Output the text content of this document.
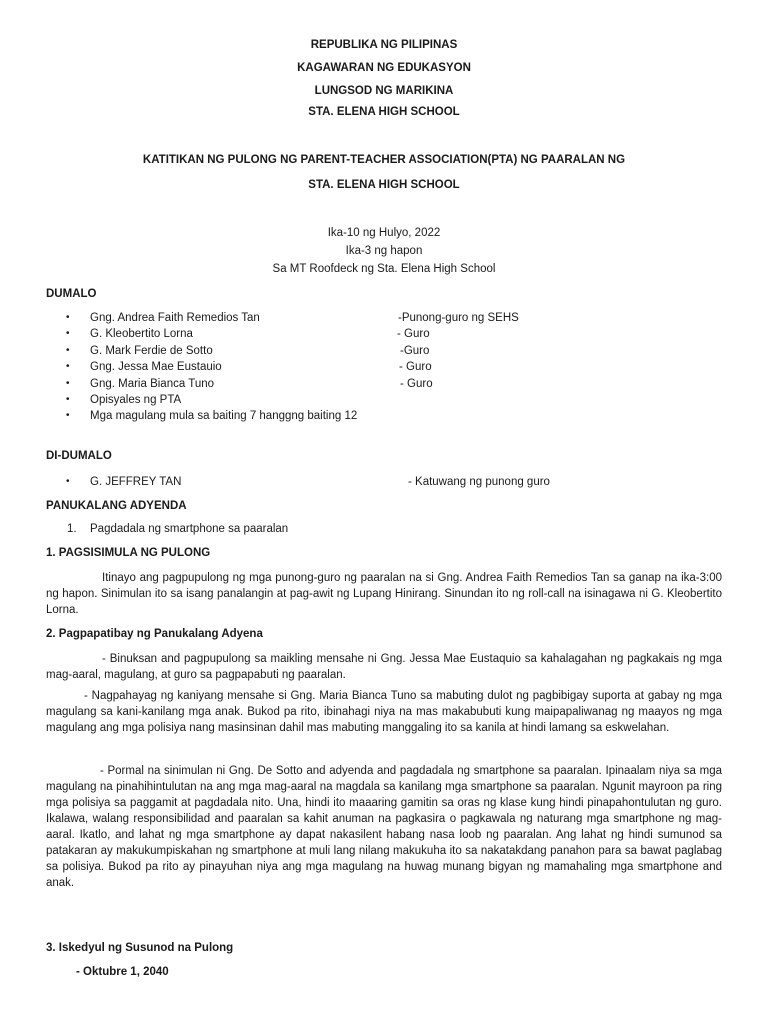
REPUBLIKA NG PILIPINAS
KAGAWARAN NG EDUKASYON
LUNGSOD NG MARIKINA
STA. ELENA HIGH SCHOOL
KATITIKAN NG PULONG NG PARENT-TEACHER ASSOCIATION(PTA) NG PAARALAN NG
STA. ELENA HIGH SCHOOL
Ika-10 ng Hulyo, 2022
Ika-3 ng hapon
Sa MT Roofdeck ng Sta. Elena High School
DUMALO
• Gng. Andrea Faith Remedios Tan	-Punong-guro ng SEHS
• G. Kleobertito Lorna	- Guro
• G. Mark Ferdie de Sotto	-Guro
• Gng. Jessa Mae Eustauio	- Guro
• Gng. Maria Bianca Tuno	- Guro
• Opisyales ng PTA
• Mga magulang mula sa baiting 7 hanggng baiting 12
DI-DUMALO
• G. JEFFREY TAN	- Katuwang ng punong guro
PANUKALANG ADYENDA
1. Pagdadala ng smartphone sa paaralan
1. PAGSISIMULA NG PULONG
Itinayo ang pagpupulong ng mga punong-guro ng paaralan na si Gng. Andrea Faith Remedios Tan sa ganap na ika-3:00 ng hapon. Sinimulan ito sa isang panalangin at pag-awit ng Lupang Hinirang. Sinundan ito ng roll-call na isinagawa ni G. Kleobertito Lorna.
2. Pagpapatibay ng Panukalang Adyena
- Binuksan and pagpupulong sa maikling mensahe ni Gng. Jessa Mae Eustaquio sa kahalagahan ng pagkakais ng mga mag-aaral, magulang, at guro sa pagpapabuti ng paaralan.
- Nagpahayag ng kaniyang mensahe si Gng. Maria Bianca Tuno sa mabuting dulot ng pagbibigay suporta at gabay ng mga magulang sa kani-kanilang mga anak. Bukod pa rito, ibinahagi niya na mas makabubuti kung maipapaliwanag ng maayos ng mga magulang ang mga polisiya nang masinsinan dahil mas mabuting manggaling ito sa kanila at hindi lamang sa eskwelahan.
- Pormal na sinimulan ni Gng. De Sotto and adyenda and pagdadala ng smartphone sa paaralan. Ipinaalam niya sa mga magulang na pinahihintulutan na ang mga mag-aaral na magdala sa kanilang mga smartphone sa paaralan. Ngunit mayroon pa ring mga polisiya sa paggamit at pagdadala nito. Una, hindi ito maaaring gamitin sa oras ng klase kung hindi pinapahontulutan ng guro. Ikalawa, walang responsibilidad and paaralan sa kahit anuman na pagkasira o pagkawala ng naturang mga smartphone ng mag-aaral. Ikatlo, and lahat ng mga smartphone ay dapat nakasilent habang nasa loob ng paaralan. Ang lahat ng hindi sumunod sa patakaran ay makukumpiskahan ng smartphone at muli lang nilang makukuha ito sa nakatakdang panahon para sa bawat paglabag sa polisiya. Bukod pa rito ay pinayuhan niya ang mga magulang na huwag munang bigyan ng mamahaling mga smartphone and anak.
3. Iskedyul ng Susunod na Pulong
- Oktubre 1, 2040
